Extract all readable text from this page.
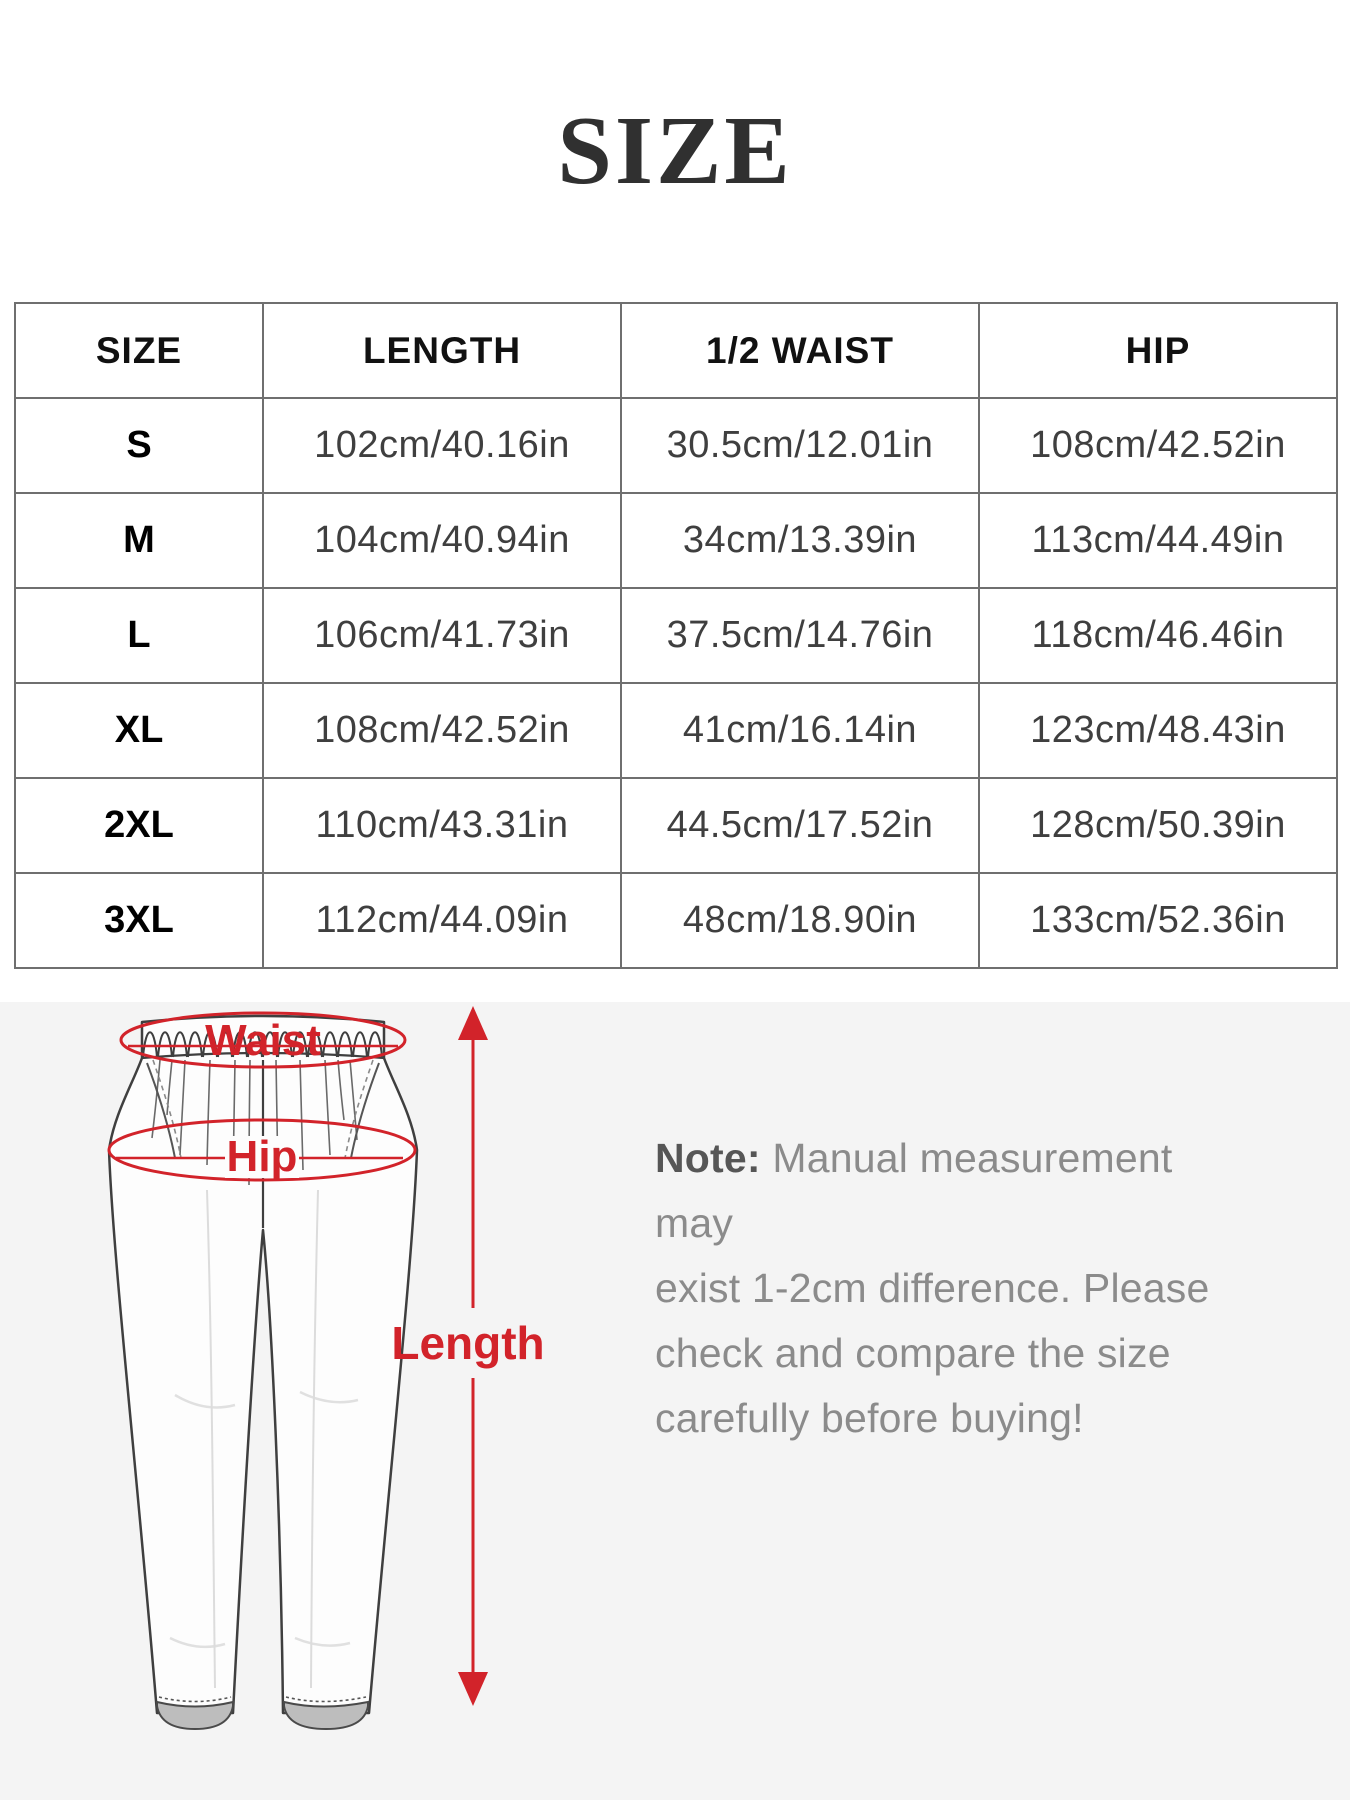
SIZE
SIZE	LENGTH	1/2 WAIST	HIP
S	102cm/40.16in	30.5cm/12.01in	108cm/42.52in
M	104cm/40.94in	34cm/13.39in	113cm/44.49in
L	106cm/41.73in	37.5cm/14.76in	118cm/46.46in
XL	108cm/42.52in	41cm/16.14in	123cm/48.43in
2XL	110cm/43.31in	44.5cm/17.52in	128cm/50.39in
3XL	112cm/44.09in	48cm/18.90in	133cm/52.36in
Waist
Hip
Length
Note: Manual measurement may
exist 1-2cm difference. Please
check and compare the size
carefully before buying!
